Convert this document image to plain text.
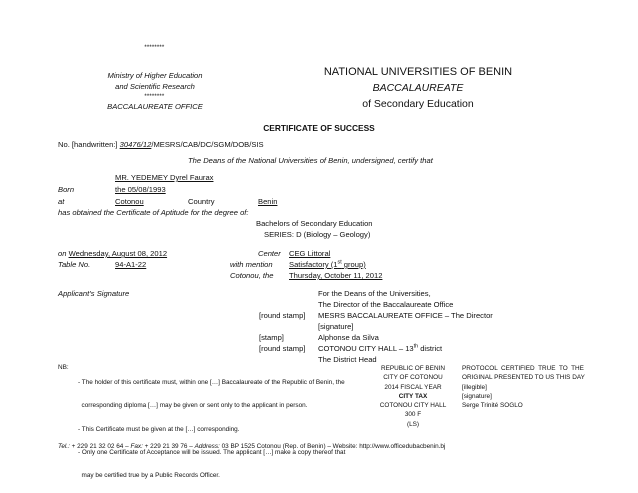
********
Ministry of Higher Education
and Scientific Research
********
BACCALAUREATE OFFICE
NATIONAL UNIVERSITIES OF BENIN
BACCALAUREATE
of Secondary Education
CERTIFICATE OF SUCCESS
No. [handwritten:] 30476/12/MESRS/CAB/DC/SGM/DOB/SIS
The Deans of the National Universities of Benin, undersigned, certify that
MR. YEDEMEY Dyrel Faurax
Born	the 05/08/1993
at	Cotonou	Country	Benin
has obtained the Certificate of Aptitude for the degree of:
Bachelors of Secondary Education
SERIES: D (Biology – Geology)
on Wednesday, August 08, 2012	Center CEG Littoral
Table No.	94-A1-22	with mention Satisfactory (1st group)
Cotonou, the Thursday, October 11, 2012
Applicant’s Signature	For the Deans of the Universities,
The Director of the Baccalaureate Office
[round stamp] MESRS BACCALAUREATE OFFICE – The Director
[signature]
[stamp]	Alphonse da Silva
[round stamp] COTONOU CITY HALL – 13th district
The District Head
NB:

- The holder of this certificate must, within one […] Baccalaureate of the Republic of Benin, the

corresponding diploma […] may be given or sent only to the applicant in person.

- This Certificate must be given at the […] corresponding.

- Only one Certificate of Acceptance will be issued. The applicant […] make a copy thereof that

may be certified true by a Public Records Officer.

REPUBLIC OF BENIN
CITY OF COTONOU
2014 FISCAL YEAR
CITY TAX
COTONOU CITY HALL
300 F
(LS)
PROTOCOL  CERTIFIED  TRUE  TO  THE
ORIGINAL PRESENTED TO US THIS DAY
[illegible]
[signature]
Serge Trinité SOGLO
Tel.: + 229 21 32 02 64 – Fax: + 229 21 39 76 – Address: 03 BP 1525 Cotonou (Rep. of Benin) – Website: http://www.officedubacbenin.bj
